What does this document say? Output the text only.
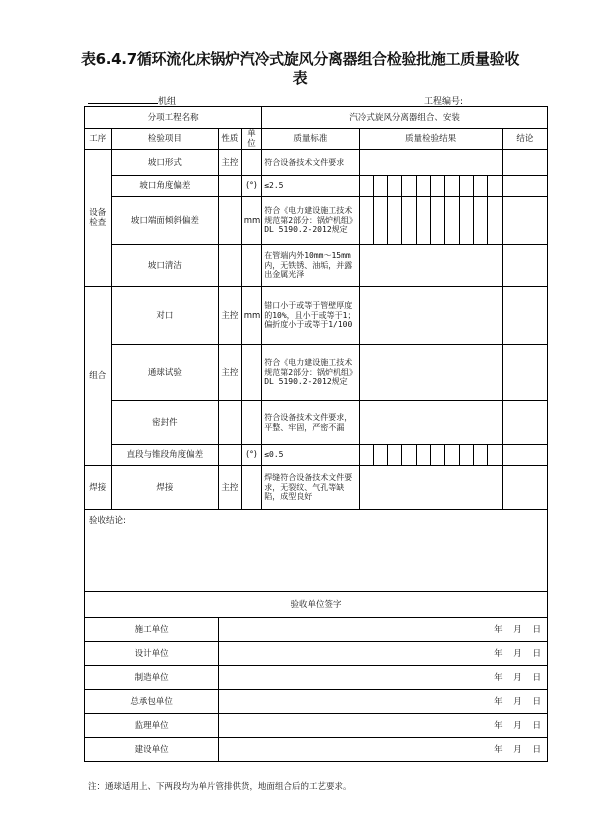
表6.4.7循环流化床锅炉汽冷式旋风分离器组合检验批施工质量验收
表
机组	工程编号:
分项工程名称				汽冷式旋风分离器组合、安装											
工序	检验项目	性质	单位	质量标准	质量检验结果										结论

设备检查	坡口形式	主控		符合设备技术文件要求											
	坡口角度偏差		(°)	≤2.5											
	坡口端面倾斜偏差		mm	符合《电力建设施工技术规范第2部分：锅炉机组》DL 5190.2-2012规定											
	坡口清洁			在管端内外10mm～15mm内，无铁锈、油垢，并露出金属光泽											
组合	对口	主控	mm	错口小于或等于管壁厚度的10%，且小于或等于1；偏折度小于或等于1/100											
	通球试验	主控		符合《电力建设施工技术规范第2部分：锅炉机组》DL 5190.2-2012规定											
	密封件			符合设备技术文件要求，平整、牢固，严密不漏											
	直段与锥段角度偏差		(°)	≤0.5											
焊接	焊接	主控		焊缝符合设备技术文件要求，无裂纹、气孔等缺陷，成型良好											
验收结论:															
验收单位签字															
施工单位		年 月 日													
设计单位		年 月 日													
制造单位		年 月 日													
总承包单位		年 月 日													
监理单位		年 月 日													
建设单位		年 月 日													
注：通球适用上、下两段均为单片管排供货，地面组合后的工艺要求。
